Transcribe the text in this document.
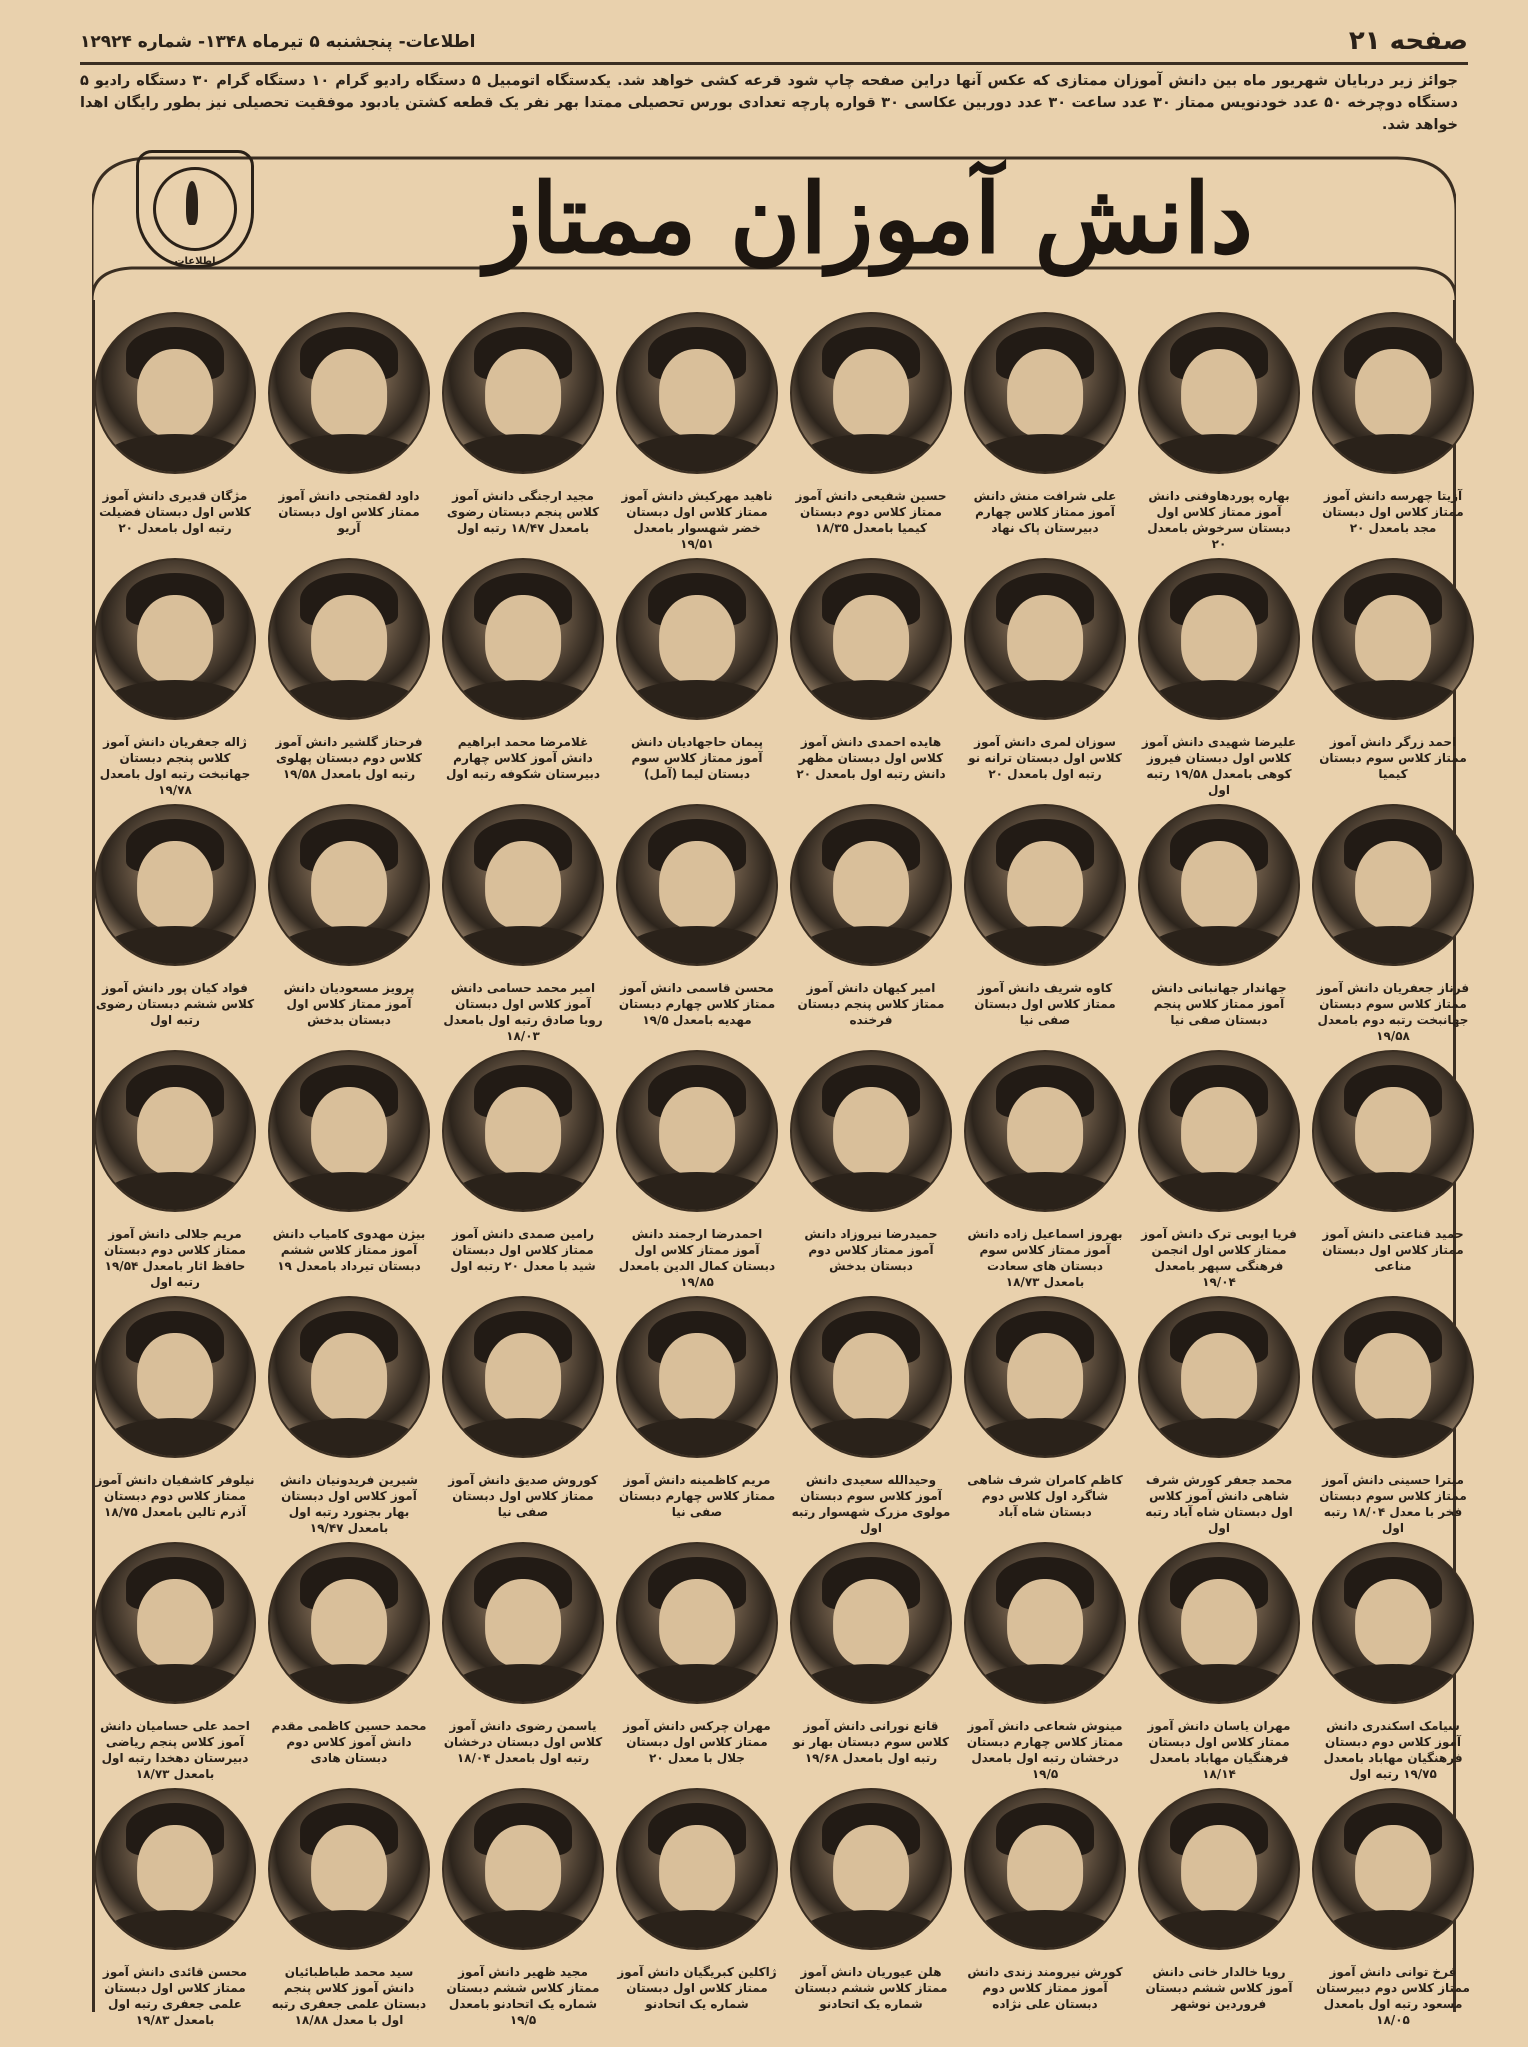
صفحه ۲۱
اطلاعات- پنجشنبه ۵ تیرماه ۱۳۴۸- شماره ۱۲۹۲۴
جوائز زیر دربایان شهریور ماه بین دانش آموزان ممتازی که عکس آنها دراین صفحه چاپ شود قرعه کشی خواهد شد. یکدستگاه اتومبیل ۵ دستگاه رادیو گرام ۱۰ دستگاه گرام ۳۰ دستگاه رادیو ۵ دستگاه دوچرخه ۵۰ عدد خودنویس ممتاز ۳۰ عدد ساعت ۳۰ عدد دوربین عکاسی ۳۰ قواره پارچه تعدادی بورس تحصیلی ممتدا بهر نفر یک قطعه کشتن یادبود موفقیت تحصیلی نیز بطور رایگان اهدا خواهد شد.
اطلاعات	دانش آموزان ممتاز
آزیتا چهرسه دانش آموز ممتاز کلاس اول دبستان مجد بامعدل ۲۰
بهاره پوردهاوفنی دانش آموز ممتاز کلاس اول دبستان سرخوش بامعدل ۲۰
علی شرافت منش دانش آموز ممتاز کلاس چهارم دبیرستان پاک نهاد
حسین شفیعی دانش آموز ممتاز کلاس دوم دبستان کیمیا بامعدل ۱۸/۳۵
ناهید مهرکیش دانش آموز ممتاز کلاس اول دبستان خضر شهسوار بامعدل ۱۹/۵۱
مجید ارجنگی دانش آموز کلاس پنجم دبستان رضوی بامعدل ۱۸/۴۷ رتبه اول
داود لقمتجی دانش آموز ممتاز کلاس اول دبستان آریو
مژگان قدیری دانش آموز کلاس اول دبستان فضیلت رتبه اول بامعدل ۲۰
احمد زرگر دانش آموز ممتاز کلاس سوم دبستان کیمیا
علیرضا شهیدی دانش آموز کلاس اول دبستان فیروز کوهی بامعدل ۱۹/۵۸ رتبه اول
سوزان لمری دانش آموز کلاس اول دبستان ترانه نو رتبه اول بامعدل ۲۰
هایده احمدی دانش آموز کلاس اول دبستان مظهر دانش رتبه اول بامعدل ۲۰
پیمان حاجهادیان دانش آموز ممتاز کلاس سوم دبستان لیما (آمل)
غلامرضا محمد ابراهیم دانش آموز کلاس چهارم دبیرستان شکوفه رتبه اول
فرحناز گلشیر دانش آموز کلاس دوم دبستان پهلوی رتبه اول بامعدل ۱۹/۵۸
ژاله جعفریان دانش آموز کلاس پنجم دبستان جهانبخت رتبه اول بامعدل ۱۹/۷۸
فرناز جعفریان دانش آموز ممتاز کلاس سوم دبستان جهانبخت رتبه دوم بامعدل ۱۹/۵۸
جهاندار جهانبانی دانش آموز ممتاز کلاس پنجم دبستان صفی نیا
کاوه شریف دانش آموز ممتاز کلاس اول دبستان صفی نیا
امیر کیهان دانش آموز ممتاز کلاس پنجم دبستان فرخنده
محسن قاسمی دانش آموز ممتاز کلاس چهارم دبستان مهدیه بامعدل ۱۹/۵
امیر محمد حسامی دانش آموز کلاس اول دبستان روبا صادق رتبه اول بامعدل ۱۸/۰۳
پرویز مسعودیان دانش آموز ممتاز کلاس اول دبستان بدخش
فواد کیان پور دانش آموز کلاس ششم دبستان رضوی رتبه اول
حمید قناعتی دانش آموز ممتاز کلاس اول دبستان مناعی
فریا ایوبی ترک دانش آموز ممتاز کلاس اول انجمن فرهنگی سپهر بامعدل ۱۹/۰۴
بهروز اسماعیل زاده دانش آموز ممتاز کلاس سوم دبستان های سعادت بامعدل ۱۸/۷۳
حمیدرضا نیروزاد دانش آموز ممتاز کلاس دوم دبستان بدخش
احمدرضا ارجمند دانش آموز ممتاز کلاس اول دبستان کمال الدین بامعدل ۱۹/۸۵
رامین صمدی دانش آموز ممتاز کلاس اول دبستان شید با معدل ۲۰ رتبه اول
بیژن مهدوی کامیاب دانش آموز ممتاز کلاس ششم دبستان تیرداد بامعدل ۱۹
مریم جلالی دانش آموز ممتاز کلاس دوم دبستان حافظ اثار بامعدل ۱۹/۵۴ رتبه اول
میترا حسینی دانش آموز ممتاز کلاس سوم دبستان فخر با معدل ۱۸/۰۴ رتبه اول
محمد جعفر کورش شرف شاهی دانش آموز کلاس اول دبستان شاه آباد رتبه اول
کاظم کامران شرف شاهی شاگرد اول کلاس دوم دبستان شاه آباد
وحیدالله سعیدی دانش آموز کلاس سوم دبستان مولوی مزرک شهسوار رتبه اول
مریم کاظمینه دانش آموز ممتاز کلاس چهارم دبستان صفی نیا
کوروش صدیق دانش آموز ممتاز کلاس اول دبستان صفی نیا
شیرین فریدونیان دانش آموز کلاس اول دبستان بهار بجنورد رتبه اول بامعدل ۱۹/۴۷
نیلوفر کاشفیان دانش آموز ممتاز کلاس دوم دبستان آذرم تالین بامعدل ۱۸/۷۵
سیامک اسکندری دانش آموز کلاس دوم دبستان فرهنگیان مهاباد بامعدل ۱۹/۷۵ رتبه اول
مهران یاسان دانش آموز ممتاز کلاس اول دبستان فرهنگیان مهاباد بامعدل ۱۸/۱۴
مینوش شعاعی دانش آموز ممتاز کلاس چهارم دبستان درخشان رتبه اول بامعدل ۱۹/۵
قانع نورانی دانش آموز کلاس سوم دبستان بهار نو رتبه اول بامعدل ۱۹/۶۸
مهران چرکس دانش آموز ممتاز کلاس اول دبستان جلال با معدل ۲۰
یاسمن رضوی دانش آموز کلاس اول دبستان درخشان رتبه اول بامعدل ۱۸/۰۴
محمد حسین کاظمی مقدم دانش آموز کلاس دوم دبستان هادی
احمد علی حسامیان دانش آموز کلاس پنجم ریاضی دبیرستان دهخدا رتبه اول بامعدل ۱۸/۷۳
فرخ توانی دانش آموز ممتاز کلاس دوم دبیرستان مسعود رتبه اول بامعدل ۱۸/۰۵
رویا خالدار خانی دانش آموز کلاس ششم دبستان فروردین نوشهر
کورش نیرومند زندی دانش آموز ممتاز کلاس دوم دبستان علی نژاده
هلن عیوریان دانش آموز ممتاز کلاس ششم دبستان شماره یک اتحادنو
ژاکلین کبریگیان دانش آموز ممتاز کلاس اول دبستان شماره یک اتحادنو
مجید ظهیر دانش آموز ممتاز کلاس ششم دبستان شماره یک اتحادنو بامعدل ۱۹/۵
سید محمد طباطبائیان دانش آموز کلاس پنجم دبستان علمی جعفری رتبه اول با معدل ۱۸/۸۸
محسن قائدی دانش آموز ممتاز کلاس اول دبستان علمی جعفری رتبه اول بامعدل ۱۹/۸۳
